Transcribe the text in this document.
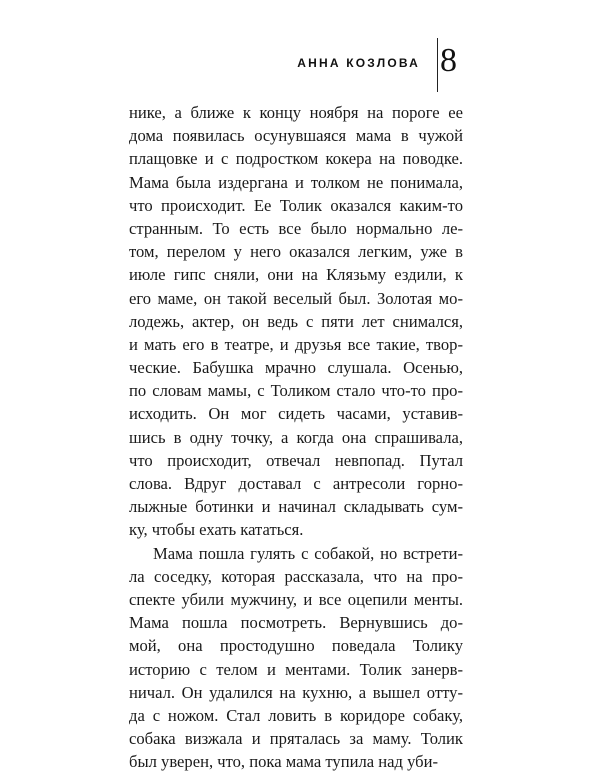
АННА КОЗЛОВА 8
нике, а ближе к концу ноября на пороге ее
дома появилась осунувшаяся мама в чужой
плащовке и с подростком кокера на поводке.
Мама была издергана и толком не понимала,
что происходит. Ее Толик оказался каким-то
странным. То есть все было нормально ле-
том, перелом у него оказался легким, уже в
июле гипс сняли, они на Клязьму ездили, к
его маме, он такой веселый был. Золотая мо-
лодежь, актер, он ведь с пяти лет снимался,
и мать его в театре, и друзья все такие, твор-
ческие. Бабушка мрачно слушала. Осенью,
по словам мамы, с Толиком стало что-то про-
исходить. Он мог сидеть часами, уставив-
шись в одну точку, а когда она спрашивала,
что происходит, отвечал невпопад. Путал
слова. Вдруг доставал с антресоли горно-
лыжные ботинки и начинал складывать сум-
ку, чтобы ехать кататься.
Мама пошла гулять с собакой, но встрети-
ла соседку, которая рассказала, что на про-
спекте убили мужчину, и все оцепили менты.
Мама пошла посмотреть. Вернувшись до-
мой, она простодушно поведала Толику
историю с телом и ментами. Толик занерв-
ничал. Он удалился на кухню, а вышел отту-
да с ножом. Стал ловить в коридоре собаку,
собака визжала и пряталась за маму. Толик
был уверен, что, пока мама тупила над уби-
